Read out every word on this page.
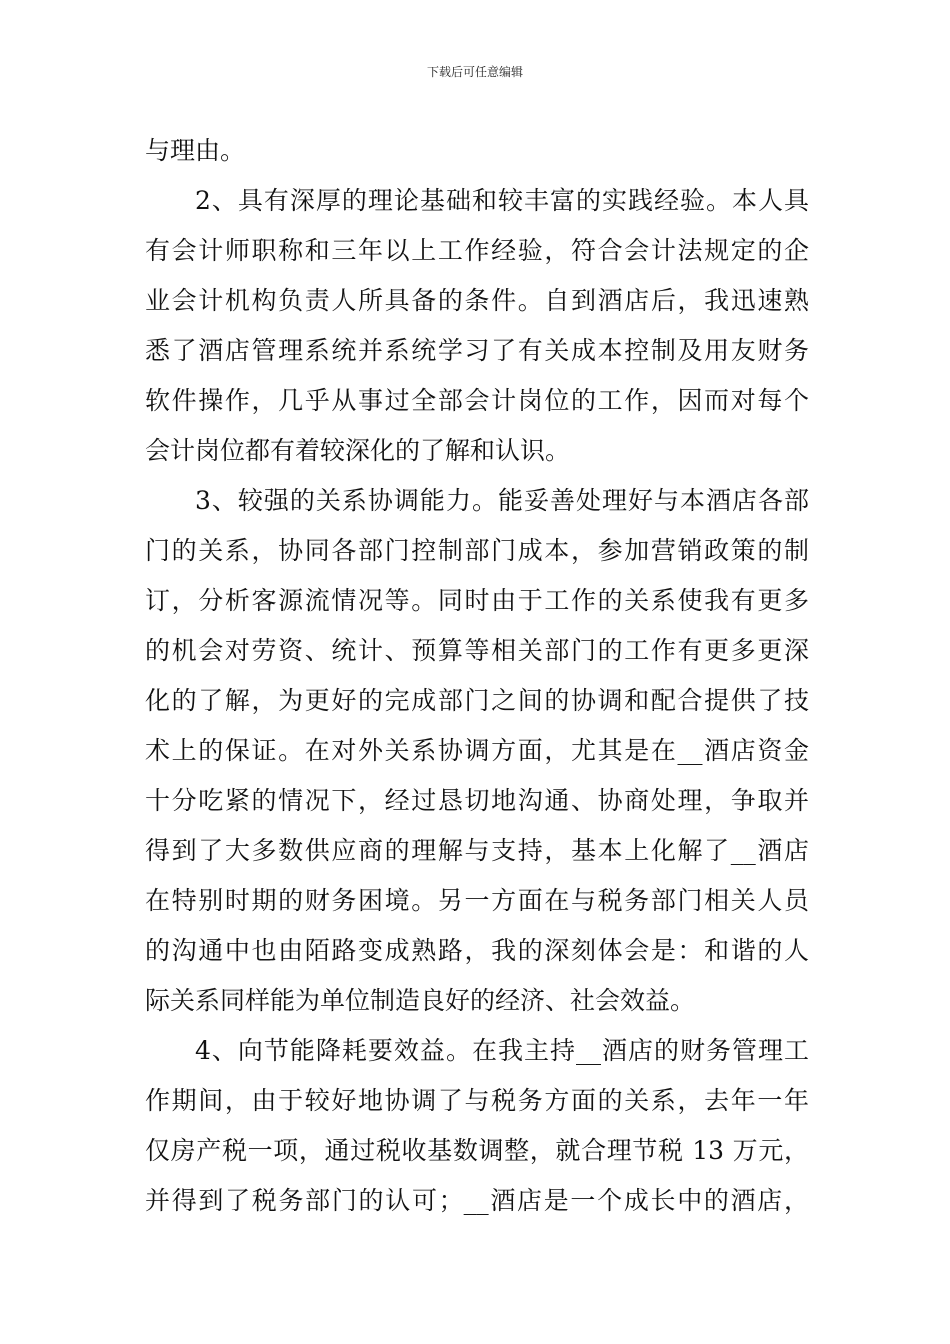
下载后可任意编辑
与理由。
2、具有深厚的理论基础和较丰富的实践经验。本人具
有会计师职称和三年以上工作经验，符合会计法规定的企
业会计机构负责人所具备的条件。自到酒店后，我迅速熟
悉了酒店管理系统并系统学习了有关成本控制及用友财务
软件操作，几乎从事过全部会计岗位的工作，因而对每个
会计岗位都有着较深化的了解和认识。
3、较强的关系协调能力。能妥善处理好与本酒店各部
门的关系，协同各部门控制部门成本，参加营销政策的制
订，分析客源流情况等。同时由于工作的关系使我有更多
的机会对劳资、统计、预算等相关部门的工作有更多更深
化的了解，为更好的完成部门之间的协调和配合提供了技
术上的保证。在对外关系协调方面，尤其是在__酒店资金
十分吃紧的情况下，经过恳切地沟通、协商处理，争取并
得到了大多数供应商的理解与支持，基本上化解了__酒店
在特别时期的财务困境。另一方面在与税务部门相关人员
的沟通中也由陌路变成熟路，我的深刻体会是：和谐的人
际关系同样能为单位制造良好的经济、社会效益。
4、向节能降耗要效益。在我主持__酒店的财务管理工
作期间，由于较好地协调了与税务方面的关系，去年一年
仅房产税一项，通过税收基数调整，就合理节税 13 万元，
并得到了税务部门的认可；__酒店是一个成长中的酒店，
